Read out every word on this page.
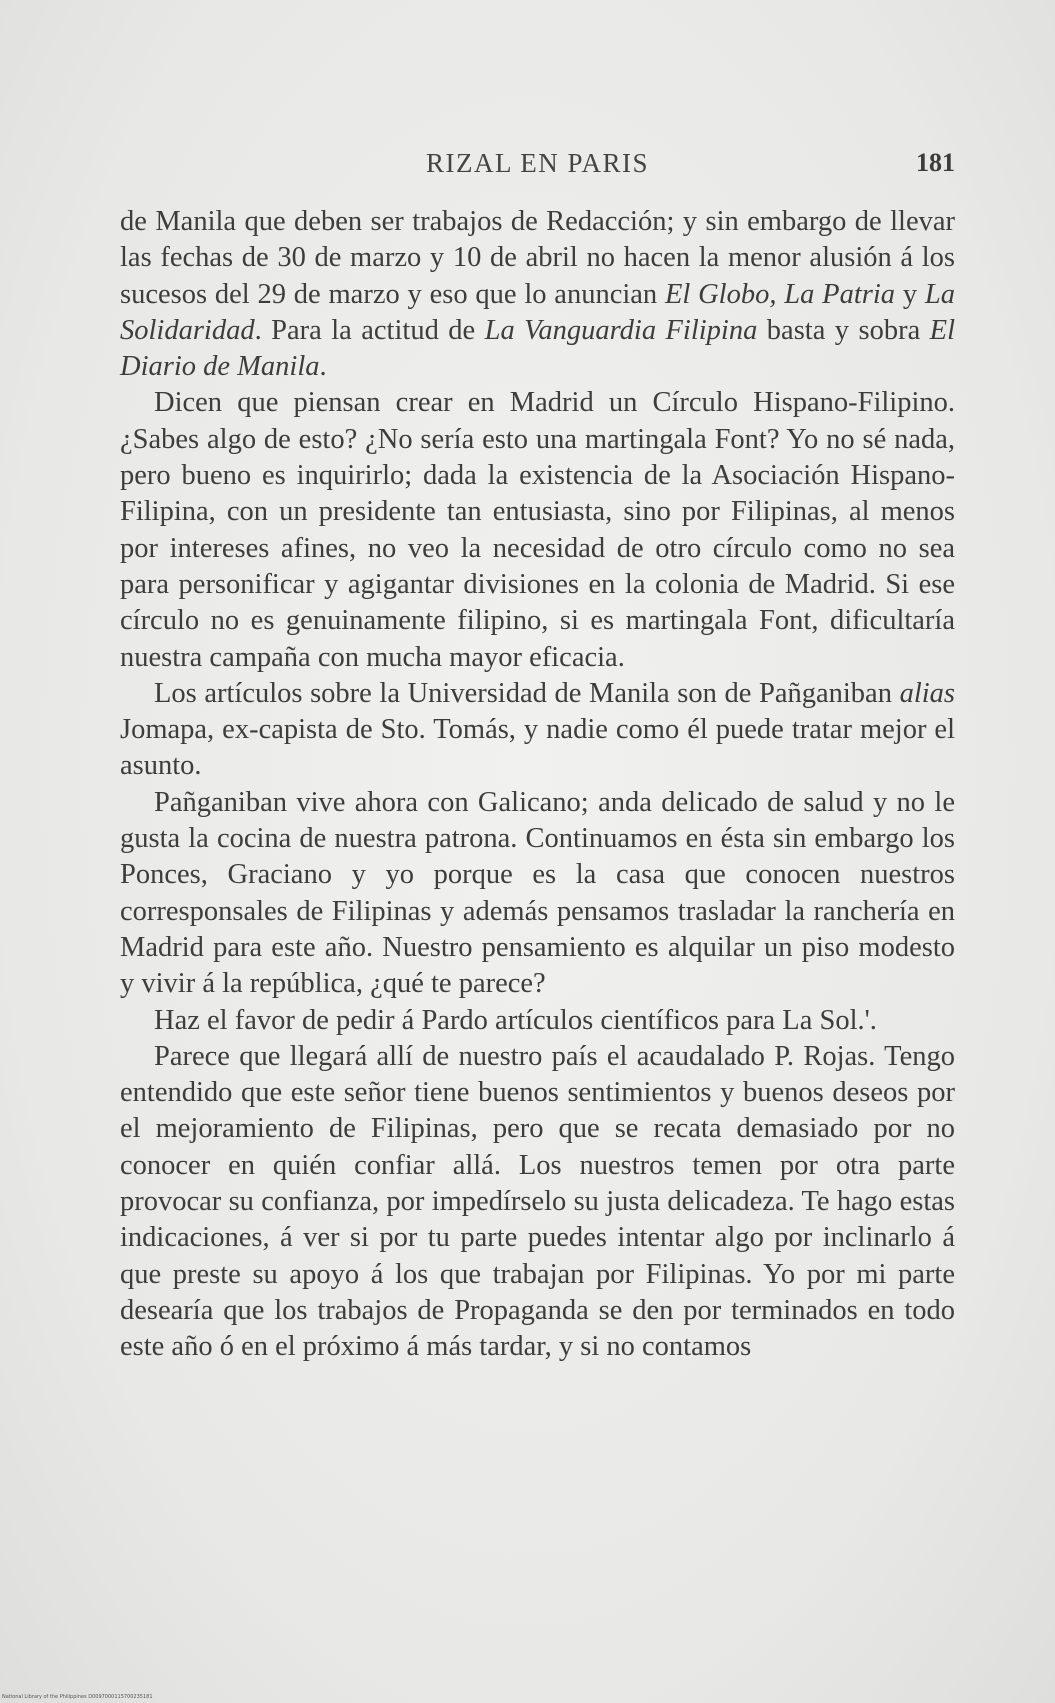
RIZAL EN PARIS	181

de Manila que deben ser trabajos de Redacción; y sin embargo de llevar las fechas de 30 de marzo y 10 de abril no hacen la menor alusión á los sucesos del 29 de marzo y eso que lo anuncian El Globo, La Patria y La Solidaridad. Para la actitud de La Vanguardia Filipina basta y sobra El Diario de Manila.

Dicen que piensan crear en Madrid un Círculo Hispano-Filipino. ¿Sabes algo de esto? ¿No sería esto una martingala Font? Yo no sé nada, pero bueno es inquirirlo; dada la existencia de la Asociación Hispano-Filipina, con un presidente tan entusiasta, sino por Filipinas, al menos por intereses afines, no veo la necesidad de otro círculo como no sea para personificar y agigantar divisiones en la colonia de Madrid. Si ese círculo no es genuinamente filipino, si es martingala Font, dificultaría nuestra campaña con mucha mayor eficacia.

Los artículos sobre la Universidad de Manila son de Pañganiban alias Jomapa, ex-capista de Sto. Tomás, y nadie como él puede tratar mejor el asunto.

Pañganiban vive ahora con Galicano; anda delicado de salud y no le gusta la cocina de nuestra patrona. Continuamos en ésta sin embargo los Ponces, Graciano y yo porque es la casa que conocen nuestros corresponsales de Filipinas y además pensamos trasladar la ranchería en Madrid para este año. Nuestro pensamiento es alquilar un piso modesto y vivir á la república, ¿qué te parece?

Haz el favor de pedir á Pardo artículos científicos para La Sol.'.

Parece que llegará allí de nuestro país el acaudalado P. Rojas. Tengo entendido que este señor tiene buenos sentimientos y buenos deseos por el mejoramiento de Filipinas, pero que se recata demasiado por no conocer en quién confiar allá. Los nuestros temen por otra parte provocar su confianza, por impedírselo su justa delicadeza. Te hago estas indicaciones, á ver si por tu parte puedes intentar algo por inclinarlo á que preste su apoyo á los que trabajan por Filipinas. Yo por mi parte desearía que los trabajos de Propaganda se den por terminados en todo este año ó en el próximo á más tardar, y si no contamos

National Library of the Philippines D0097000115700235181
